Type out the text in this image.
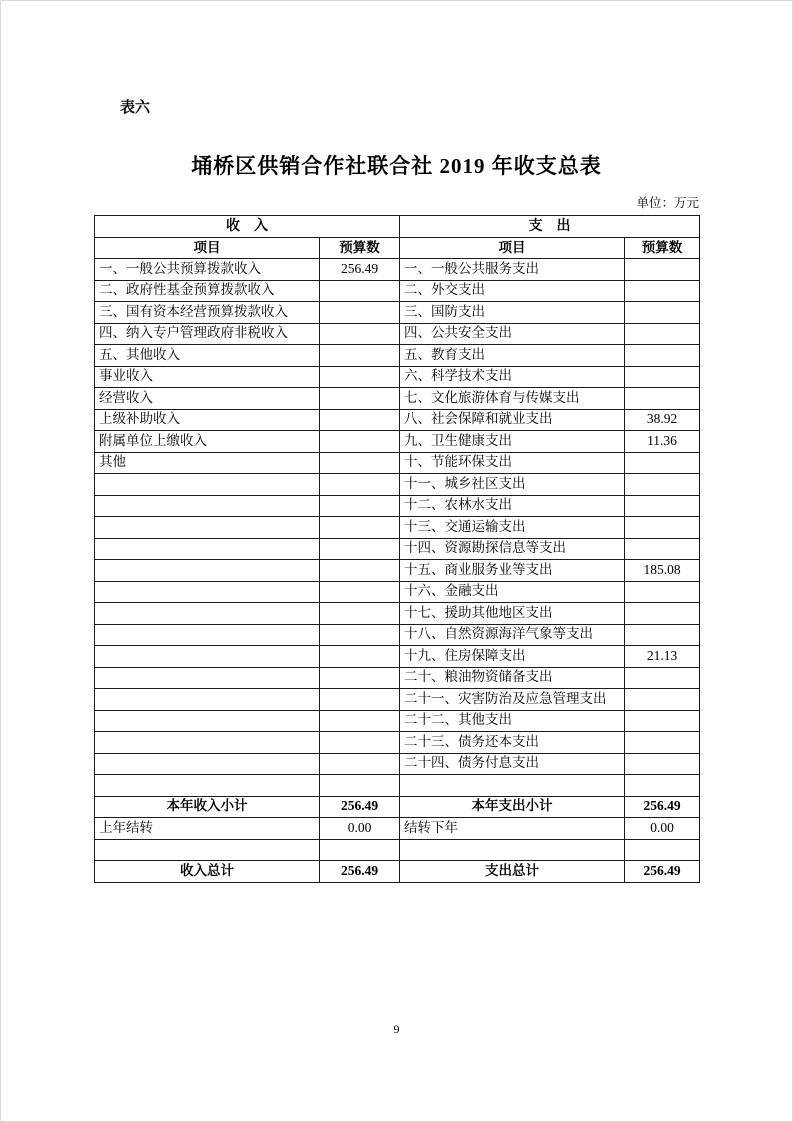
表六
埇桥区供销合作社联合社 2019 年收支总表
单位：万元
收　入		支　出	
项目	预算数	项目	预算数
一、一般公共预算拨款收入	256.49	一、一般公共服务支出	
二、政府性基金预算拨款收入		二、外交支出	
三、国有资本经营预算拨款收入		三、国防支出	
四、纳入专户管理政府非税收入		四、公共安全支出	
五、其他收入		五、教育支出	
事业收入		六、科学技术支出	
经营收入		七、文化旅游体育与传媒支出	
上级补助收入		八、社会保障和就业支出	38.92
附属单位上缴收入		九、卫生健康支出	11.36
其他		十、节能环保支出	
		十一、城乡社区支出	
		十二、农林水支出	
		十三、交通运输支出	
		十四、资源勘探信息等支出	
		十五、商业服务业等支出	185.08
		十六、金融支出	
		十七、援助其他地区支出	
		十八、自然资源海洋气象等支出	
		十九、住房保障支出	21.13
		二十、粮油物资储备支出	
		二十一、灾害防治及应急管理支出	
		二十二、其他支出	
		二十三、债务还本支出	
		二十四、债务付息支出	

本年收入小计	256.49	本年支出小计	256.49
上年结转	0.00	结转下年	0.00

收入总计	256.49	支出总计	256.49
9
